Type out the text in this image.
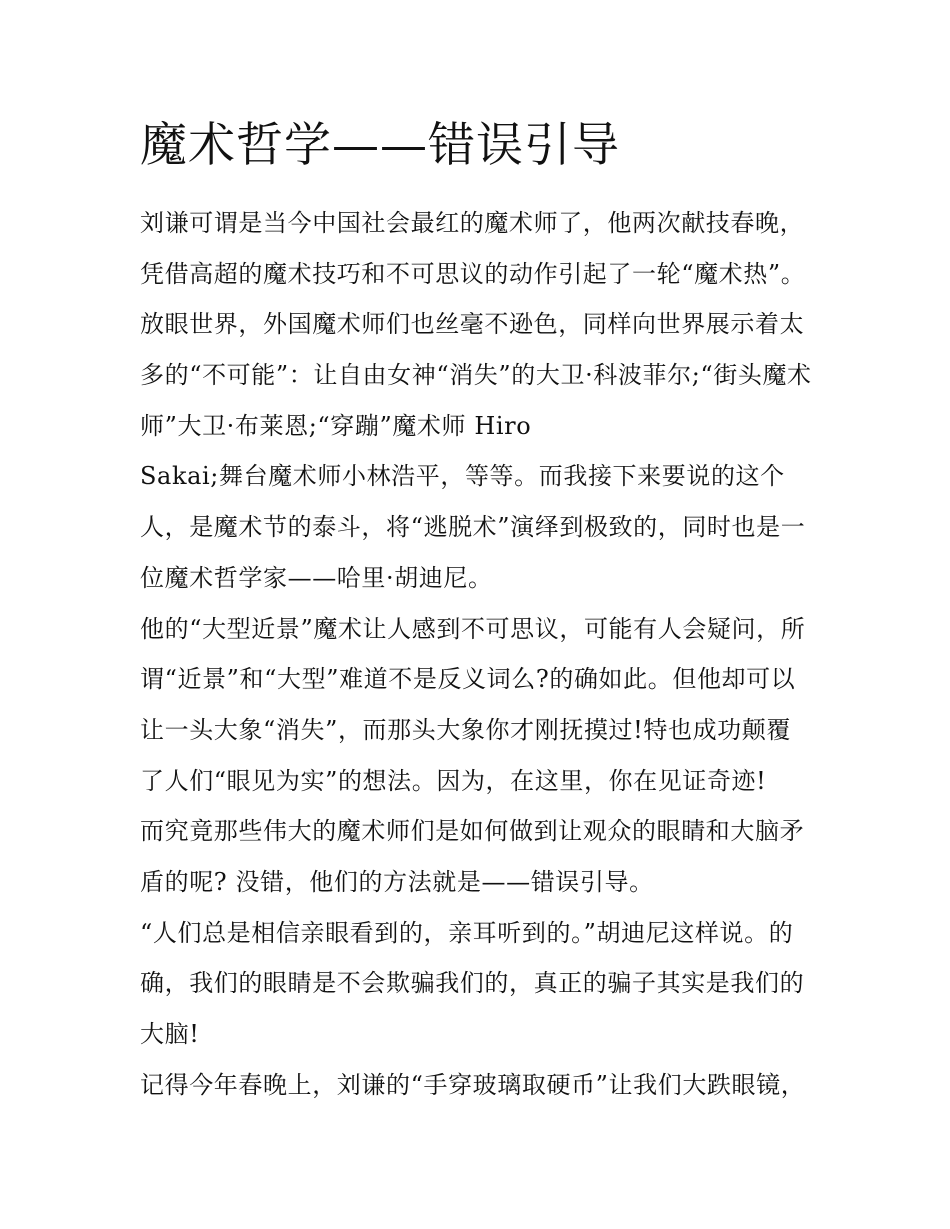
魔术哲学——错误引导
刘谦可谓是当今中国社会最红的魔术师了，他两次献技春晚，
凭借高超的魔术技巧和不可思议的动作引起了一轮“魔术热”。
放眼世界，外国魔术师们也丝毫不逊色，同样向世界展示着太
多的“不可能”：让自由女神“消失”的大卫·科波菲尔;“街头魔术
师”大卫·布莱恩;“穿蹦”魔术师 Hiro
Sakai;舞台魔术师小林浩平，等等。而我接下来要说的这个
人，是魔术节的泰斗，将“逃脱术”演绎到极致的，同时也是一
位魔术哲学家——哈里·胡迪尼。
他的“大型近景”魔术让人感到不可思议，可能有人会疑问，所
谓“近景”和“大型”难道不是反义词么?的确如此。但他却可以
让一头大象“消失”，而那头大象你才刚抚摸过!特也成功颠覆
了人们“眼见为实”的想法。因为，在这里，你在见证奇迹!
而究竟那些伟大的魔术师们是如何做到让观众的眼睛和大脑矛
盾的呢? 没错，他们的方法就是——错误引导。
“人们总是相信亲眼看到的，亲耳听到的。”胡迪尼这样说。的
确，我们的眼睛是不会欺骗我们的，真正的骗子其实是我们的
大脑!
记得今年春晚上，刘谦的“手穿玻璃取硬币”让我们大跌眼镜，
